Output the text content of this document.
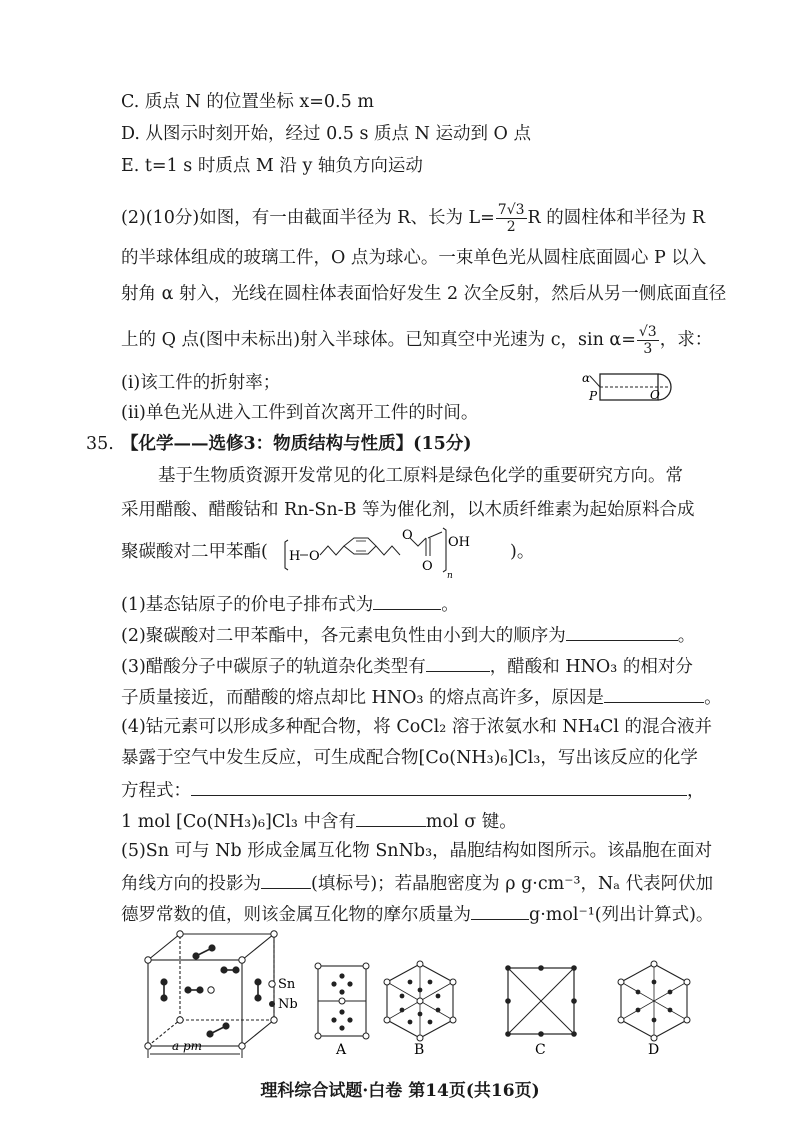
C. 质点 N 的位置坐标 x=0.5 m
D. 从图示时刻开始，经过 0.5 s 质点 N 运动到 O 点
E. t=1 s 时质点 M 沿 y 轴负方向运动
(2)(10分)如图，有一由截面半径为 R、长为 $L= \frac{7√3}{2}$ R 的圆柱体和半径为 R
的半球体组成的玻璃工件，O 点为球心。一束单色光从圆柱底面圆心 P 以入
射角 α 射入，光线在圆柱体表面恰好发生 2 次全反射，然后从另一侧底面直径
上的 Q 点(图中未标出)射入半球体。已知真空中光速为 c，$\sin \alpha= \frac{√3}{3}$ ，求：
(ⅰ)该工件的折射率；
(ⅱ)单色光从进入工件到首次离开工件的时间。
α
P	O
35. 【化学——选修3：物质结构与性质】(15分)
基于生物质资源开发常见的化工原料是绿色化学的重要研究方向。常
采用醋酸、醋酸钴和 Rn-Sn-B 等为催化剂，以木质纤维素为起始原料合成
聚碳酸对二甲苯酯( H O
O
O
OH
n
)。
(1)基态钴原子的价电子排布式为	。
(2)聚碳酸对二甲苯酯中，各元素电负性由小到大的顺序为	。
(3)醋酸分子中碳原子的轨道杂化类型有	，醋酸和 HNO₃ 的相对分
子质量接近，而醋酸的熔点却比 HNO₃ 的熔点高许多，原因是	。
(4)钴元素可以形成多种配合物，将 CoCl₂ 溶于浓氨水和 NH₄Cl 的混合液并
暴露于空气中发生反应，可生成配合物[Co(NH₃)₆]Cl₃，写出该反应的化学
方程式：	，
1 mol [Co(NH₃)₆]Cl₃ 中含有	mol σ 键。
(5)Sn 可与 Nb 形成金属互化物 SnNb₃，晶胞结构如图所示。该晶胞在面对
角线方向的投影为	(填标号)；若晶胞密度为 ρ g·cm⁻³，Nₐ 代表阿伏加
德罗常数的值，则该金属互化物的摩尔质量为	g·mol⁻¹(列出计算式)。
a pm
Sn
Nb
A	B	C	D
理科综合试题·白卷 第14页(共16页)
